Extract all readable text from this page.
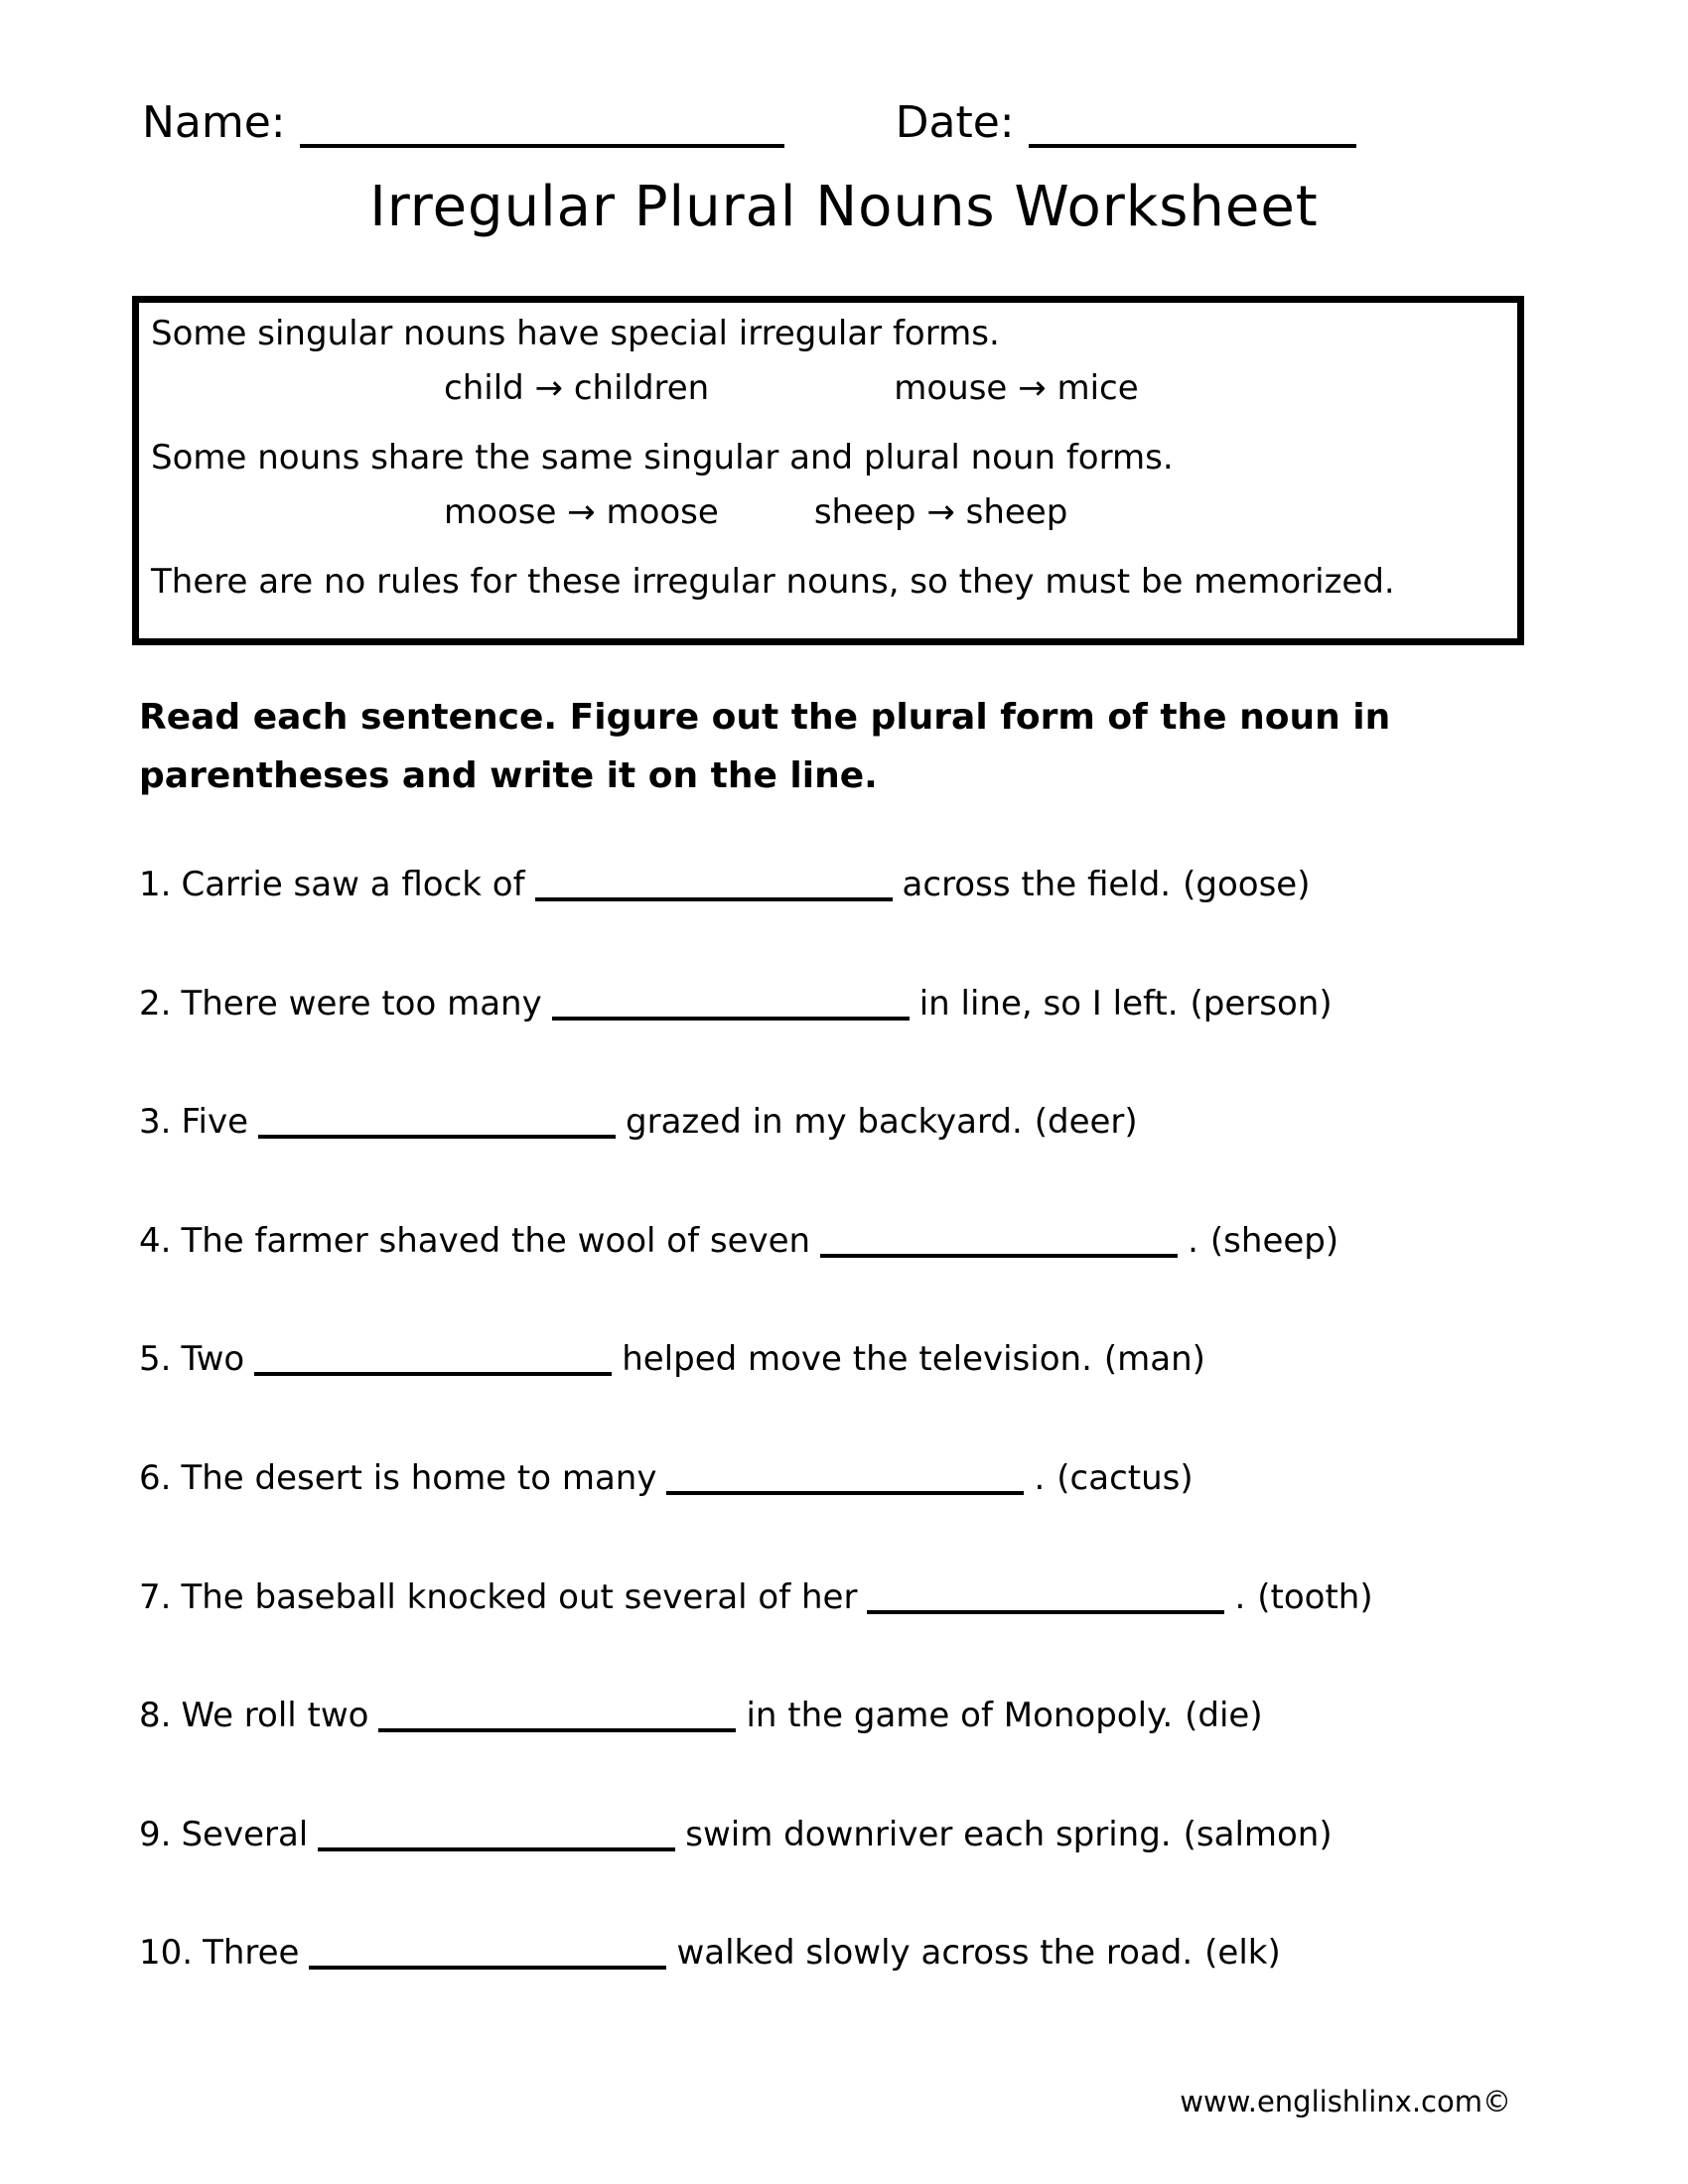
Name:	Date:
Irregular Plural Nouns Worksheet
Some singular nouns have special irregular forms.
child → children	mouse → mice
Some nouns share the same singular and plural noun forms.
moose → moose	sheep → sheep
There are no rules for these irregular nouns, so they must be memorized.
Read each sentence. Figure out the plural form of the noun in
parentheses and write it on the line.
1. Carrie saw a flock of	across the field. (goose)
2. There were too many	in line, so I left. (person)
3. Five	grazed in my backyard. (deer)
4. The farmer shaved the wool of seven	. (sheep)
5. Two	helped move the television. (man)
6. The desert is home to many	. (cactus)
7. The baseball knocked out several of her	. (tooth)
8. We roll two	in the game of Monopoly. (die)
9. Several	swim downriver each spring. (salmon)
10. Three	walked slowly across the road. (elk)
www.englishlinx.com©
